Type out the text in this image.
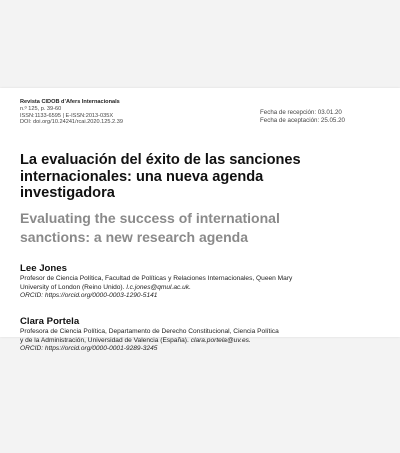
Revista CIDOB d’Afers Internacionals
n.º 125, p. 39-60
ISSN:1133-6595 | E-ISSN:2013-035X
DOI: doi.org/10.24241/rcai.2020.125.2.39
Fecha de recepción: 03.01.20
Fecha de aceptación: 25.05.20
La evaluación del éxito de las sanciones
internacionales: una nueva agenda
investigadora
Evaluating the success of international
sanctions: a new research agenda
Lee Jones
Profesor de Ciencia Política, Facultad de Políticas y Relaciones Internacionales, Queen Mary
University of London (Reino Unido). l.c.jones@qmul.ac.uk.
ORCID: https://orcid.org/0000-0003-1290-5141
Clara Portela
Profesora de Ciencia Política, Departamento de Derecho Constitucional, Ciencia Política
y de la Administración, Universidad de Valencia (España). clara.portela@uv.es.
ORCID: https://orcid.org/0000-0001-9289-3245
